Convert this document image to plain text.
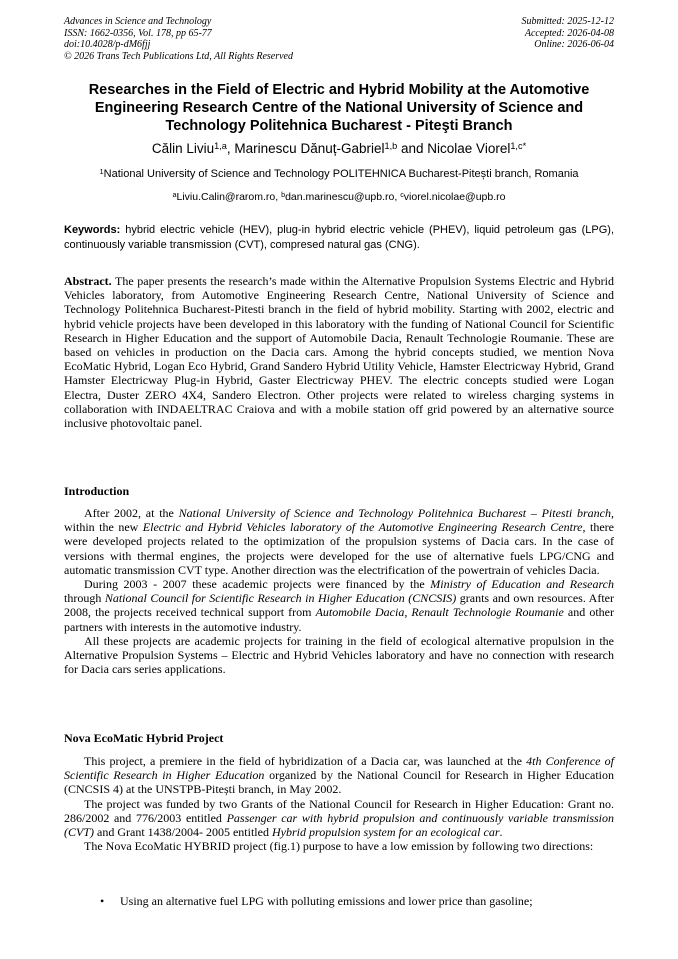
Advances in Science and Technology
ISSN: 1662-0356, Vol. 178, pp 65-77
doi:10.4028/p-dM6fjj
© 2026 Trans Tech Publications Ltd, All Rights Reserved
Submitted: 2025-12-12
Accepted: 2026-04-08
Online: 2026-06-04
Researches in the Field of Electric and Hybrid Mobility at the Automotive Engineering Research Centre of the National University of Science and Technology Politehnica Bucharest - Piteşti Branch
Călin Liviu$^{1,a}$, Marinescu Dănuț-Gabriel$^{1,b}$ and Nicolae Viorel$^{1,c*}$
$^1$National University of Science and Technology POLITEHNICA Bucharest-Pitești branch, Romania
$^a$Liviu.Calin@rarom.ro, $^b$dan.marinescu@upb.ro, $^c$viorel.nicolae@upb.ro
Keywords: hybrid electric vehicle (HEV), plug-in hybrid electric vehicle (PHEV), liquid petroleum gas (LPG), continuously variable transmission (CVT), compresed natural gas (CNG).
Abstract. The paper presents the research’s made within the Alternative Propulsion Systems Electric and Hybrid Vehicles laboratory, from Automotive Engineering Research Centre, National University of Science and Technology Politehnica Bucharest-Pitesti branch in the field of hybrid mobility. Starting with 2002, electric and hybrid vehicle projects have been developed in this laboratory with the funding of National Council for Scientific Research in Higher Education and the support of Automobile Dacia, Renault Technologie Roumanie. These are based on vehicles in production on the Dacia cars. Among the hybrid concepts studied, we mention Nova EcoMatic Hybrid, Logan Eco Hybrid, Grand Sandero Hybrid Utility Vehicle, Hamster Electricway Hybrid, Grand Hamster Electricway Plug-in Hybrid, Gaster Electricway PHEV. The electric concepts studied were Logan Electra, Duster ZERO 4X4, Sandero Electron. Other projects were related to wireless charging systems in collaboration with INDAELTRAC Craiova and with a mobile station off grid powered by an alternative source inclusive photovoltaic panel.
Introduction

After 2002, at the National University of Science and Technology Politehnica Bucharest – Pitesti branch, within the new Electric and Hybrid Vehicles laboratory of the Automotive Engineering Research Centre, there were developed projects related to the optimization of the propulsion systems of Dacia cars. In the case of versions with thermal engines, the projects were developed for the use of alternative fuels LPG/CNG and automatic transmission CVT type. Another direction was the electrification of the powertrain of vehicles Dacia.

During 2003 - 2007 these academic projects were financed by the Ministry of Education and Research through National Council for Scientific Research in Higher Education (CNCSIS) grants and own resources. After 2008, the projects received technical support from Automobile Dacia, Renault Technologie Roumanie and other partners with interests in the automotive industry.

All these projects are academic projects for training in the field of ecological alternative propulsion in the Alternative Propulsion Systems – Electric and Hybrid Vehicles laboratory and have no connection with research for Dacia cars series applications.

Nova EcoMatic Hybrid Project

This project, a premiere in the field of hybridization of a Dacia car, was launched at the 4th Conference of Scientific Research in Higher Education organized by the National Council for Research in Higher Education (CNCSIS 4) at the UNSTPB-Pitești branch, in May 2002.

The project was funded by two Grants of the National Council for Research in Higher Education: Grant no. 286/2002 and 776/2003 entitled Passenger car with hybrid propulsion and continuously variable transmission (CVT) and Grant 1438/2004- 2005 entitled Hybrid propulsion system for an ecological car.

The Nova EcoMatic HYBRID project (fig.1) purpose to have a low emission by following two directions:

• Using an alternative fuel LPG with polluting emissions and lower price than gasoline;
